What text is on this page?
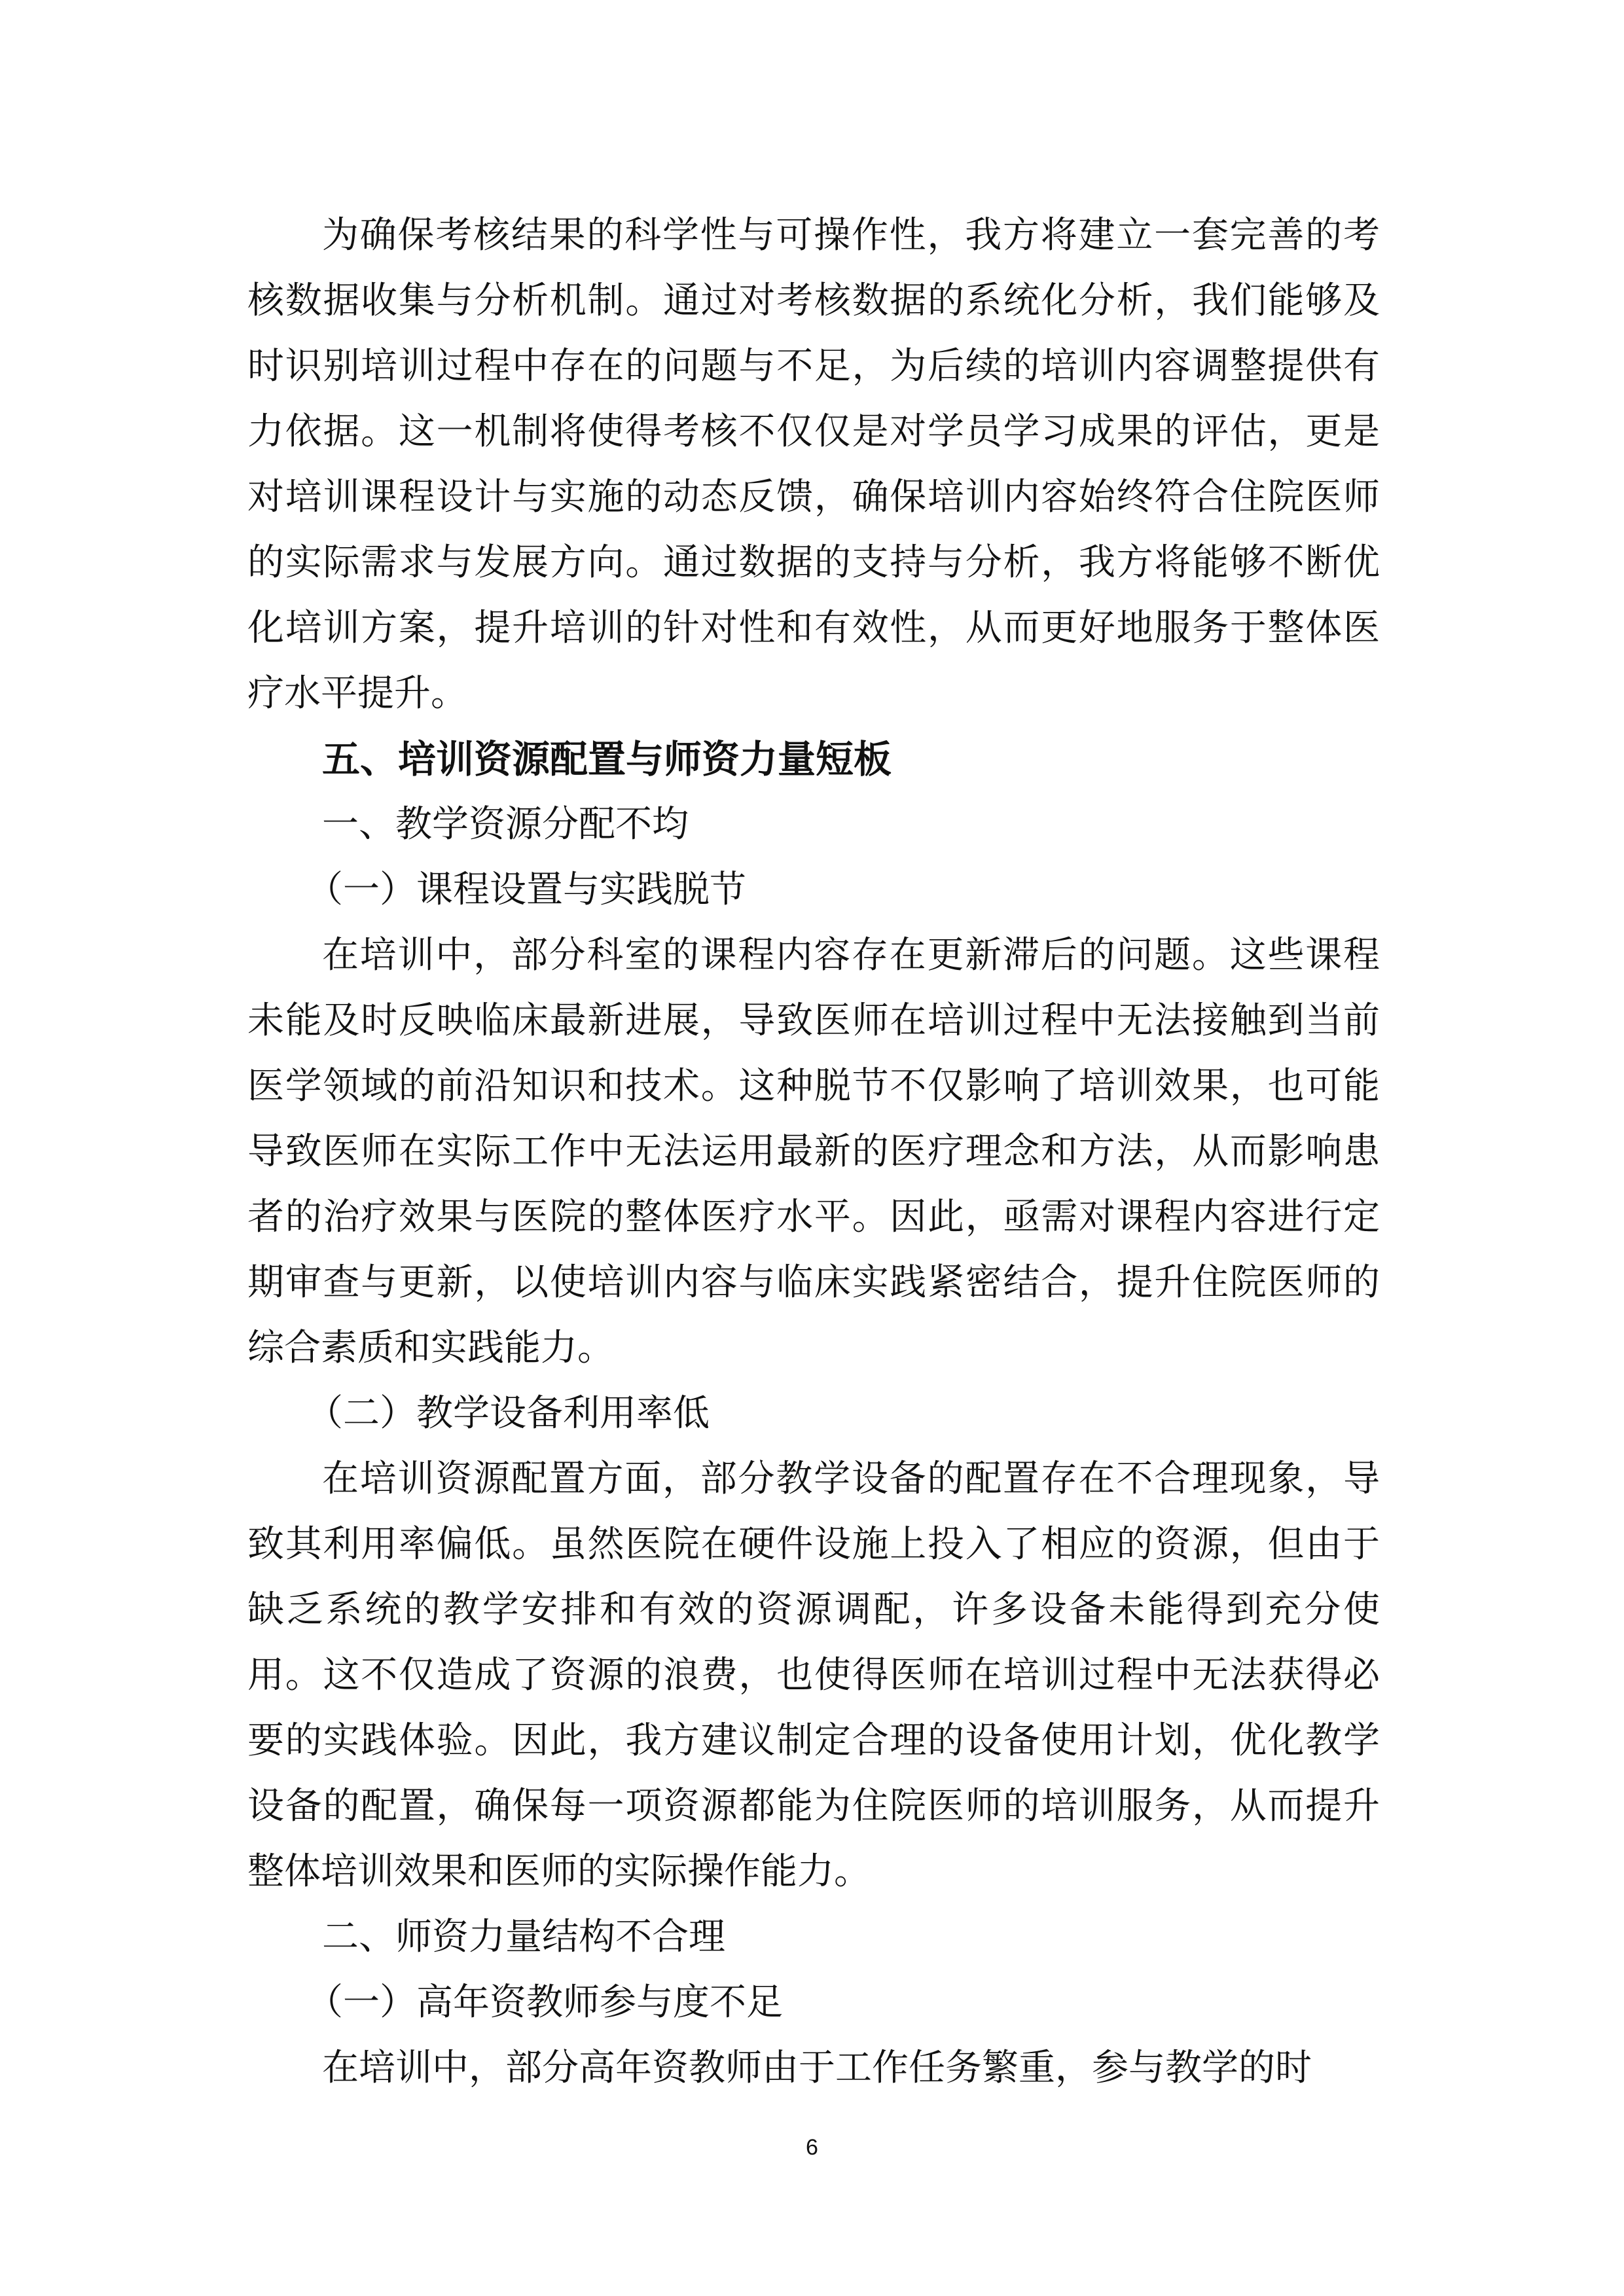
为确保考核结果的科学性与可操作性，我方将建立一套完善的考核数据收集与分析机制。通过对考核数据的系统化分析，我们能够及时识别培训过程中存在的问题与不足，为后续的培训内容调整提供有力依据。这一机制将使得考核不仅仅是对学员学习成果的评估，更是对培训课程设计与实施的动态反馈，确保培训内容始终符合住院医师的实际需求与发展方向。通过数据的支持与分析，我方将能够不断优化培训方案，提升培训的针对性和有效性，从而更好地服务于整体医疗水平提升。

五、培训资源配置与师资力量短板

一、教学资源分配不均

（一）课程设置与实践脱节

在培训中，部分科室的课程内容存在更新滞后的问题。这些课程未能及时反映临床最新进展，导致医师在培训过程中无法接触到当前医学领域的前沿知识和技术。这种脱节不仅影响了培训效果，也可能导致医师在实际工作中无法运用最新的医疗理念和方法，从而影响患者的治疗效果与医院的整体医疗水平。因此，亟需对课程内容进行定期审查与更新，以使培训内容与临床实践紧密结合，提升住院医师的综合素质和实践能力。

（二）教学设备利用率低

在培训资源配置方面，部分教学设备的配置存在不合理现象，导致其利用率偏低。虽然医院在硬件设施上投入了相应的资源，但由于缺乏系统的教学安排和有效的资源调配，许多设备未能得到充分使用。这不仅造成了资源的浪费，也使得医师在培训过程中无法获得必要的实践体验。因此，我方建议制定合理的设备使用计划，优化教学设备的配置，确保每一项资源都能为住院医师的培训服务，从而提升整体培训效果和医师的实际操作能力。

二、师资力量结构不合理

（一）高年资教师参与度不足

在培训中，部分高年资教师由于工作任务繁重，参与教学的时

6
